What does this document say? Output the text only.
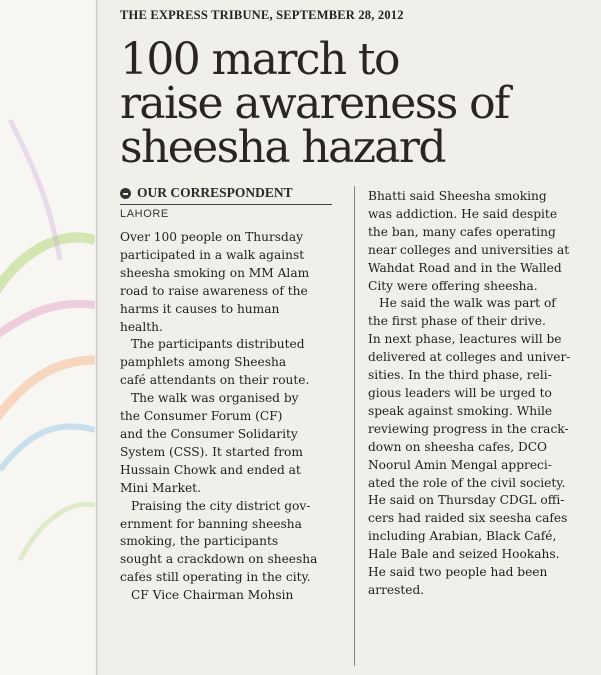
THE EXPRESS TRIBUNE, SEPTEMBER 28, 2012
100 march to
raise awareness of
sheesha hazard
OUR CORRESPONDENT
LAHORE

Over 100 people on Thursday
participated in a walk against
sheesha smoking on MM Alam
road to raise awareness of the
harms it causes to human
health.

The participants distributed
pamphlets among Sheesha
café attendants on their route.

The walk was organised by
the Consumer Forum (CF)
and the Consumer Solidarity
System (CSS). It started from
Hussain Chowk and ended at
Mini Market.

Praising the city district gov-
ernment for banning sheesha
smoking, the participants
sought a crackdown on sheesha
cafes still operating in the city.

CF Vice Chairman Mohsin

Bhatti said Sheesha smoking
was addiction. He said despite
the ban, many cafes operating
near colleges and universities at
Wahdat Road and in the Walled
City were offering sheesha.

He said the walk was part of
the first phase of their drive.
In next phase, leactures will be
delivered at colleges and univer-
sities. In the third phase, reli-
gious leaders will be urged to
speak against smoking. While
reviewing progress in the crack-
down on sheesha cafes, DCO
Noorul Amin Mengal appreci-
ated the role of the civil society.
He said on Thursday CDGL offi-
cers had raided six seesha cafes
including Arabian, Black Café,
Hale Bale and seized Hookahs.
He said two people had been
arrested.
